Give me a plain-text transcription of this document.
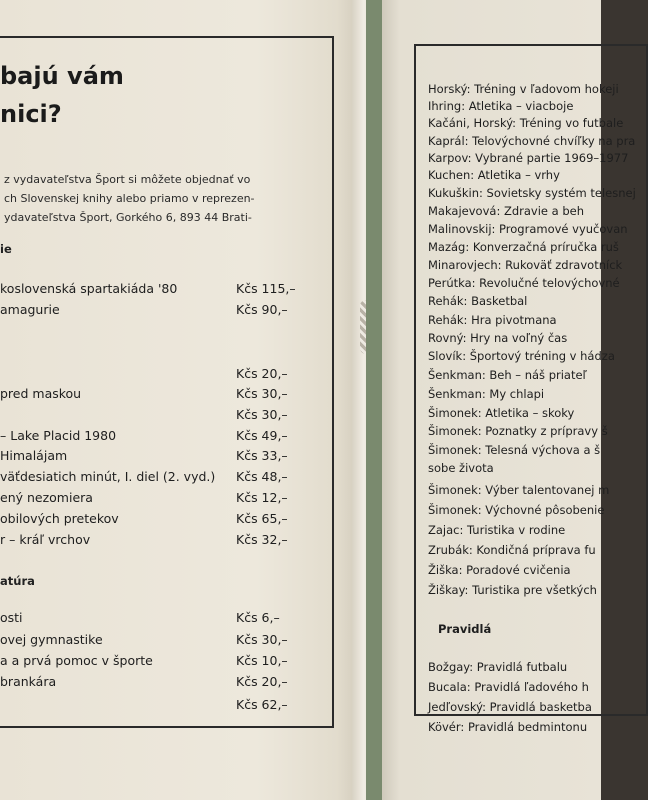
bajú vám
nici?
z vydavateľstva Šport si môžete objednať vo
ch Slovenskej knihy alebo priamo v reprezen-
ydavateľstva Šport, Gorkého 6, 893 44 Brati-
ie
koslovenská spartakiáda '80	Kčs 115,–
amagurie	Kčs 90,–
Kčs 20,–
pred maskou	Kčs 30,–
Kčs 30,–
– Lake Placid 1980	Kčs 49,–
Himalájam	Kčs 33,–
väťdesiatich minút, I. diel (2. vyd.) Kčs 48,–
ený nezomiera	Kčs 12,–
obilových pretekov	Kčs 65,–
r – kráľ vrchov	Kčs 32,–
atúra
osti	Kčs 6,–
ovej gymnastike	Kčs 30,–
a a prvá pomoc v športe	Kčs 10,–
brankára	Kčs 20,–
Kčs 62,–
Horský: Tréning v ľadovom hokeji
Ihring: Atletika – viacboje
Kačáni, Horský: Tréning vo futbale
Kaprál: Telovýchovné chvíľky na pra
Karpov: Vybrané partie 1969–1977
Kuchen: Atletika – vrhy
Kukuškin: Sovietsky systém telesnej
Makajevová: Zdravie a beh
Malinovskij: Programové vyučovan
Mazág: Konverzačná príručka ruš
Minarovjech: Rukoväť zdravotníck
Perútka: Revolučné telovýchovné
Rehák: Basketbal
Rehák: Hra pivotmana
Rovný: Hry na voľný čas
Slovík: Športový tréning v hádza
Šenkman: Beh – náš priateľ
Šenkman: My chlapi
Šimonek: Atletika – skoky
Šimonek: Poznatky z prípravy š
Šimonek: Telesná výchova a š
sobe života
Šimonek: Výber talentovanej m
Šimonek: Výchovné pôsobenie
Zajac: Turistika v rodine
Zrubák: Kondičná príprava fu
Žiška: Poradové cvičenia
Žiškay: Turistika pre všetkých
Pravidlá
Božgay: Pravidlá futbalu
Bucala: Pravidlá ľadového h
Jedľovský: Pravidlá basketba
Kövér: Pravidlá bedmintonu
